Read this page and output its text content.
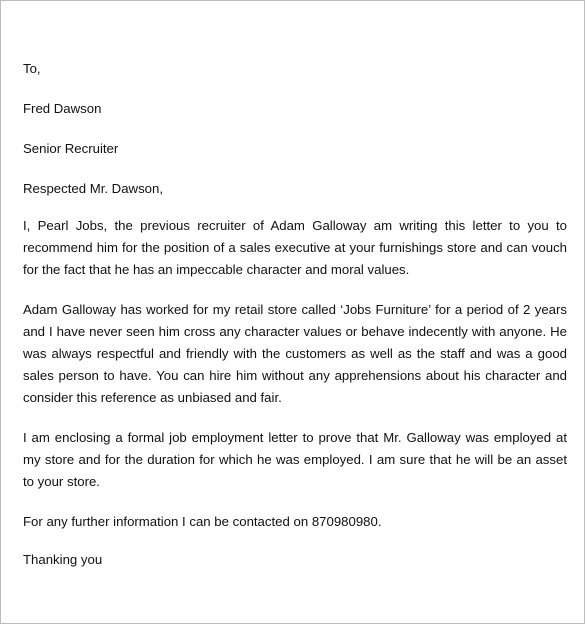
To,

Fred Dawson

Senior Recruiter

Respected Mr. Dawson,

I, Pearl Jobs, the previous recruiter of Adam Galloway am writing this letter to you to recommend him for the position of a sales executive at your furnishings store and can vouch for the fact that he has an impeccable character and moral values.

Adam Galloway has worked for my retail store called ‘Jobs Furniture’ for a period of 2 years and I have never seen him cross any character values or behave indecently with anyone. He was always respectful and friendly with the customers as well as the staff and was a good sales person to have. You can hire him without any apprehensions about his character and consider this reference as unbiased and fair.

I am enclosing a formal job employment letter to prove that Mr. Galloway was employed at my store and for the duration for which he was employed. I am sure that he will be an asset to your store.

For any further information I can be contacted on 870980980.

Thanking you
